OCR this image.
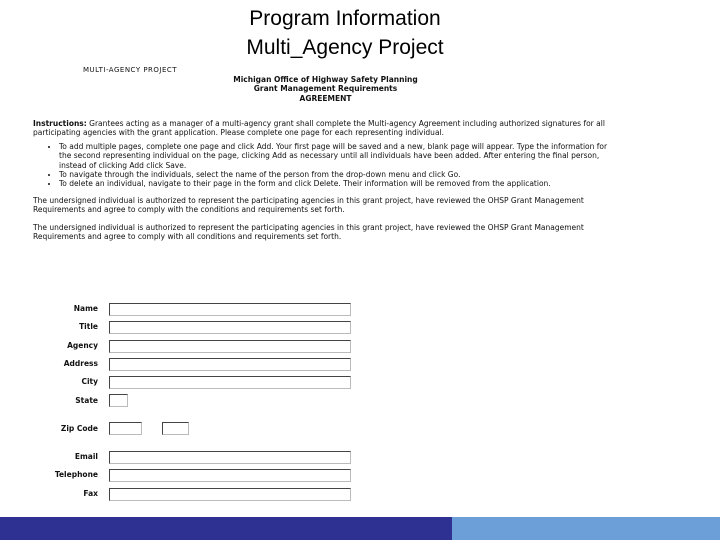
Program Information
Multi_Agency Project
MULTI-AGENCY PROJECT
Michigan Office of Highway Safety Planning
Grant Management Requirements
AGREEMENT
Instructions: Grantees acting as a manager of a multi-agency grant shall complete the Multi-agency Agreement including authorized signatures for all participating agencies with the grant application. Please complete one page for each representing individual.
• To add multiple pages, complete one page and click Add. Your first page will be saved and a new, blank page will appear. Type the information for the second representing individual on the page, clicking Add as necessary until all individuals have been added. After entering the final person, instead of clicking Add click Save.
• To navigate through the individuals, select the name of the person from the drop-down menu and click Go.
• To delete an individual, navigate to their page in the form and click Delete. Their information will be removed from the application.
The undersigned individual is authorized to represent the participating agencies in this grant project, have reviewed the OHSP Grant Management Requirements and agree to comply with the conditions and requirements set forth.
The undersigned individual is authorized to represent the participating agencies in this grant project, have reviewed the OHSP Grant Management Requirements and agree to comply with all conditions and requirements set forth.
Name
Title
Agency
Address
City
State
Zip Code
Email
Telephone
Fax
